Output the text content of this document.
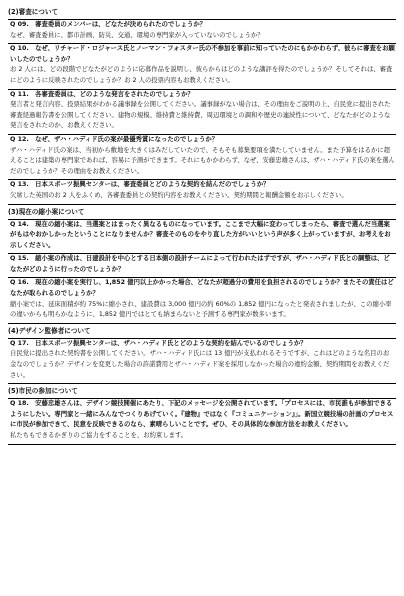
(2)審査について
Q 09.　審査委員のメンバーは、どなたが決められたのでしょうか？
なぜ、審査委員に、都市計画、防災、交通、環境の専門家が入っていないのでしょうか？
Q 10.　なぜ、リチャード・ロジャース氏とノーマン・フォスター氏の不参加を事前に知っていたのにもかかわらず、彼らに審査をお願いしたのでしょうか？
お 2 人には、どの段階でどなたがどのように応募作品を説明し、彼らからはどのような講評を得たのでしょうか？そしてそれは、審査にどのように反映されたのでしょうか？お 2 人の投票内容もお教えください。
Q 11.　各審査委員は、どのような発言をされたのでしょうか？
発言者と発言内容、投票結果がわかる議事録を公開してください。議事録がない場合は、その理由をご説明の上、自民党に提出された審査経過報告書を公開してください。建物の規模、維持費と維持費、周辺環境との調和や歴史の連続性について、どなたがどのような発言をされたのか、お教えください。
Q 12.　なぜ、ザハ・ハディド氏の案が最優秀賞になったのでしょうか？
ザハ・ハディド氏の案は、当初から敷地を大きくはみだしていたので、そもそも募集要項を満たしていません。また予算をはるかに超えることは建築の専門家であれば、容易に予測ができます。それにもかかわらず、なぜ、安藤忠雄さんは、ザハ・ハディド氏の案を選んだのでしょうか？その理由をお教えください。
Q 13.　日本スポーツ振興センターは、審査委員とどのような契約を結んだのでしょうか？
欠席した英国のお 2 人をふくめ、各審査委員との契約内容をお教えください。契約期間と報酬金額をお示しください。
(3)現在の縮小案について
Q 14.　現在の縮小案は、当選案とはまったく異なるものになっています。ここまで大幅に変わってしまったら、審査で選んだ当選案がもはやおかしかったということになりませんか？審査そのものをやり直した方がいいという声が多く上がっていますが、お考えをお示しください。
Q 15.　縮小案の作成は、日建設計を中心とする日本側の設計チームによって行われたはずですが、ザハ・ハディド氏との調整は、どなたがどのように行ったのでしょうか？
Q 16.　現在の縮小案を実行し、1,852 億円以上かかった場合、どなたが超過分の費用を負担されるのでしょうか？またその責任はどなたが取られるのでしょうか？
縮小案では、延床面積が約 75%に縮小され、建設費は 3,000 億円の約 60%の 1,852 億円になったと発表されましたが、この縮小率の違いからも明らかなように、1,852 億円ではとても納まらないと予測する専門家が数多います。
(4)デザイン監修者について
Q 17.　日本スポーツ振興センターは、ザハ・ハディド氏とどのような契約を結んでいるのでしょうか？
自民党に提出された契約書を公開してください。ザハ・ハディド氏には 13 億円が支払われるそうですが、これはどのような名目のお金なのでしょうか？デザインを変更した場合の許諾費用とザハ・ハディド案を採用しなかった場合の違約金額、契約期間をお教えください。
(5)市民の参加について
Q 18.　安藤忠雄さんは、デザイン競技開催にあたり、下記のメッセージを公開されています。「プロセスには、市民誰もが参加できるようにしたい。専門家と一緒にみんなでつくりあげていく。『建物』ではなく『コミュニケーション』」。新国立競技場の計画のプロセスに市民が参加できて、民意を反映できるのなら、素晴らしいことです。ぜひ、その具体的な参加方法をお教えください。
私たちもできるかぎりのご協力をすることを、お約束します。
